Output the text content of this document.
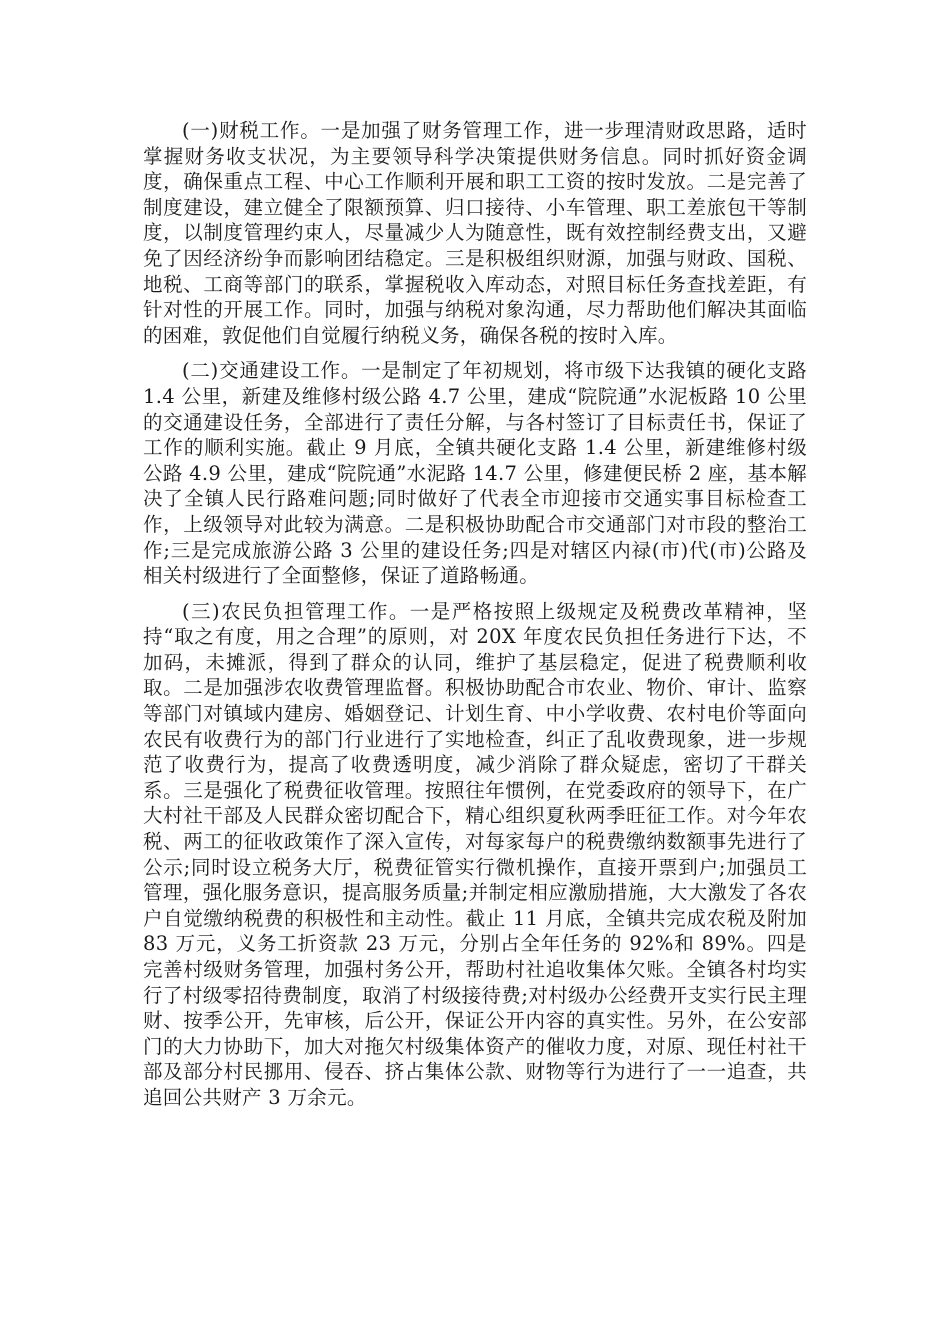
(一)财税工作。一是加强了财务管理工作，进一步理清财政思路，适时掌握财务收支状况，为主要领导科学决策提供财务信息。同时抓好资金调度，确保重点工程、中心工作顺利开展和职工工资的按时发放。二是完善了制度建设，建立健全了限额预算、归口接待、小车管理、职工差旅包干等制度，以制度管理约束人，尽量减少人为随意性，既有效控制经费支出，又避免了因经济纷争而影响团结稳定。三是积极组织财源，加强与财政、国税、地税、工商等部门的联系，掌握税收入库动态，对照目标任务查找差距，有针对性的开展工作。同时，加强与纳税对象沟通，尽力帮助他们解决其面临的困难，敦促他们自觉履行纳税义务，确保各税的按时入库。

(二)交通建设工作。一是制定了年初规划，将市级下达我镇的硬化支路 1.4 公里，新建及维修村级公路 4.7 公里，建成“院院通”水泥板路 10 公里的交通建设任务，全部进行了责任分解，与各村签订了目标责任书，保证了工作的顺利实施。截止 9 月底，全镇共硬化支路 1.4 公里，新建维修村级公路 4.9 公里，建成“院院通”水泥路 14.7 公里，修建便民桥 2 座，基本解决了全镇人民行路难问题;同时做好了代表全市迎接市交通实事目标检查工作，上级领导对此较为满意。二是积极协助配合市交通部门对市段的整治工作;三是完成旅游公路 3 公里的建设任务;四是对辖区内禄(市)代(市)公路及相关村级进行了全面整修，保证了道路畅通。

(三)农民负担管理工作。一是严格按照上级规定及税费改革精神，坚持“取之有度，用之合理”的原则，对 20X 年度农民负担任务进行下达，不加码，未摊派，得到了群众的认同，维护了基层稳定，促进了税费顺利收取。二是加强涉农收费管理监督。积极协助配合市农业、物价、审计、监察等部门对镇域内建房、婚姻登记、计划生育、中小学收费、农村电价等面向农民有收费行为的部门行业进行了实地检查，纠正了乱收费现象，进一步规范了收费行为，提高了收费透明度，减少消除了群众疑虑，密切了干群关系。三是强化了税费征收管理。按照往年惯例，在党委政府的领导下，在广大村社干部及人民群众密切配合下，精心组织夏秋两季旺征工作。对今年农税、两工的征收政策作了深入宣传，对每家每户的税费缴纳数额事先进行了公示;同时设立税务大厅，税费征管实行微机操作，直接开票到户;加强员工管理，强化服务意识，提高服务质量;并制定相应激励措施，大大激发了各农户自觉缴纳税费的积极性和主动性。截止 11 月底，全镇共完成农税及附加 83 万元，义务工折资款 23 万元，分别占全年任务的 92%和 89%。四是完善村级财务管理，加强村务公开，帮助村社追收集体欠账。全镇各村均实行了村级零招待费制度，取消了村级接待费;对村级办公经费开支实行民主理财、按季公开，先审核，后公开，保证公开内容的真实性。另外，在公安部门的大力协助下，加大对拖欠村级集体资产的催收力度，对原、现任村社干部及部分村民挪用、侵吞、挤占集体公款、财物等行为进行了一一追查，共追回公共财产 3 万余元。
